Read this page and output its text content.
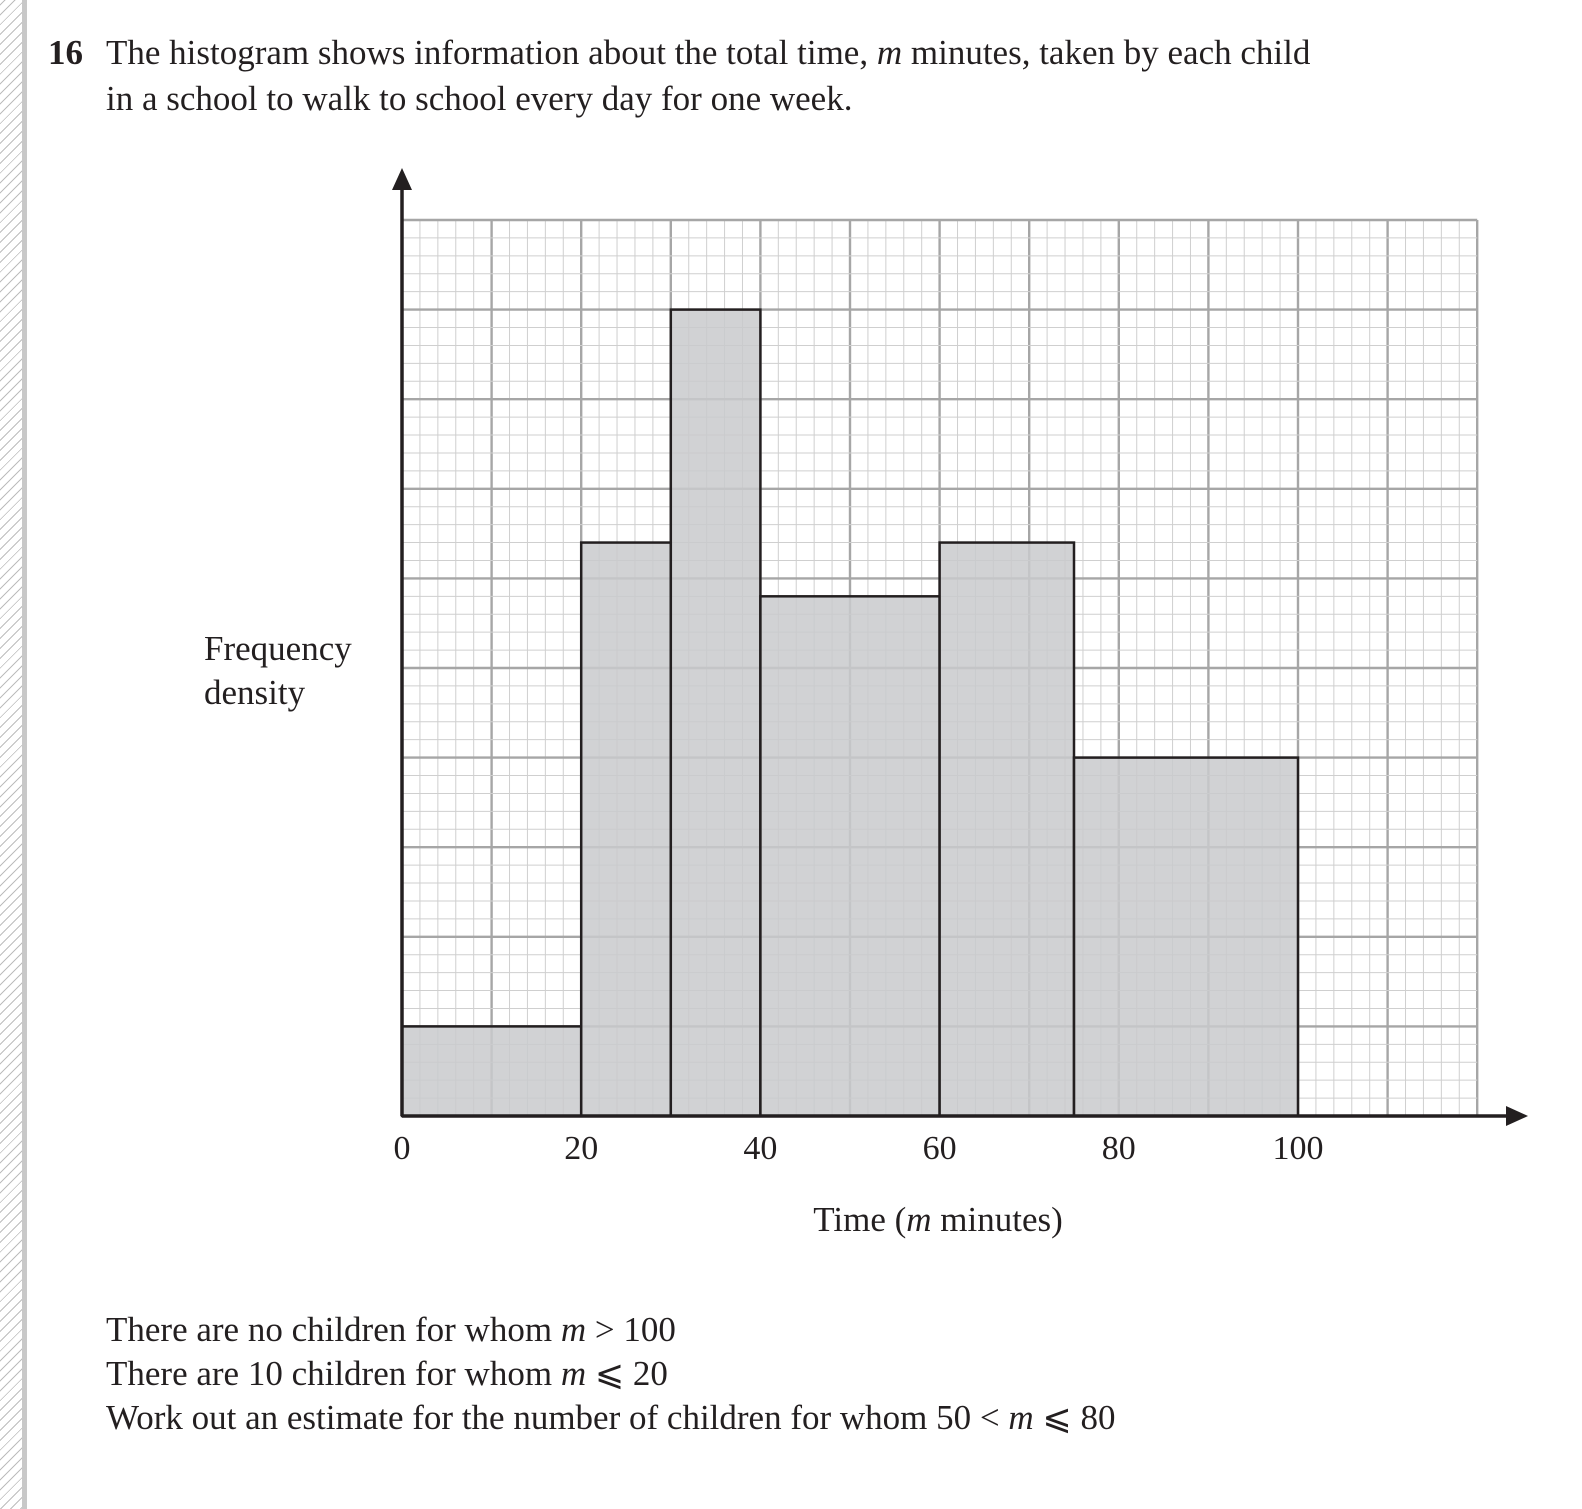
16 The histogram shows information about the total time, m minutes, taken by each child
in a school to walk to school every day for one week.
0	20	40	60	80	100
Time (m minutes)
Frequency density
There are no children for whom m > 100
There are 10 children for whom m ⩽ 20
Work out an estimate for the number of children for whom 50 < m ⩽ 80
